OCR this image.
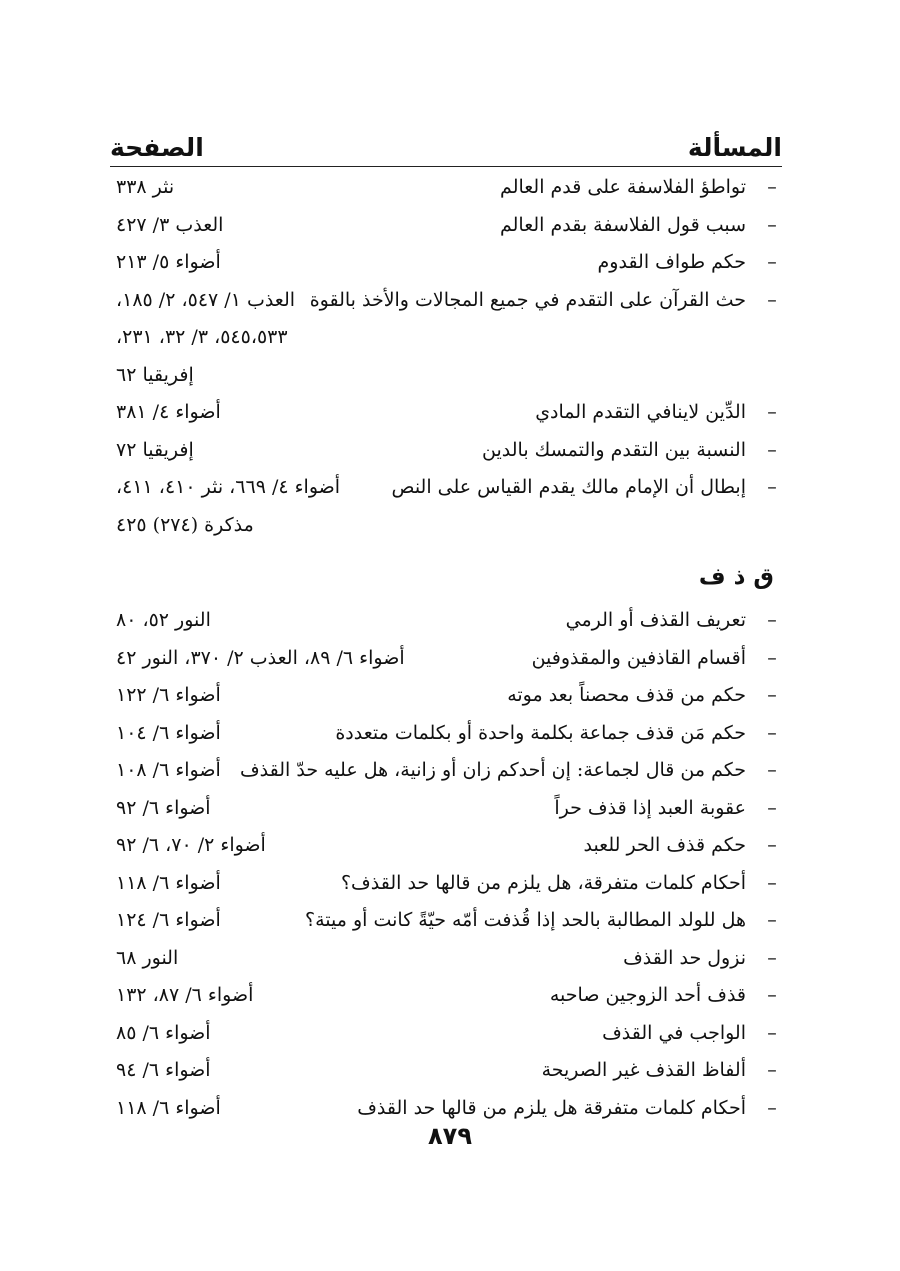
المسألة
الصفحة
–
تواطؤ الفلاسفة على قدم العالم
نثر ٣٣٨
–
سبب قول الفلاسفة بقدم العالم
العذب ٣/ ٤٢٧
–
حكم طواف القدوم
أضواء ٥/ ٢١٣
–
حث القرآن على التقدم في جميع المجالات والأخذ بالقوة
العذب ١/ ٥٤٧، ٢/ ١٨٥،
٥٤٥،٥٣٣، ٣/ ٣٢، ٢٣١،
إفريقيا ٦٢
–
الدِّين لاينافي التقدم المادي
أضواء ٤/ ٣٨١
–
النسبة بين التقدم والتمسك بالدين
إفريقيا ٧٢
–
إبطال أن الإمام مالك يقدم القياس على النص
أضواء ٤/ ٦٦٩، نثر ٤١٠، ٤١١،
مذكرة (٢٧٤) ٤٢٥
ق ذ ف
–
تعريف القذف أو الرمي
النور ٥٢، ٨٠
–
أقسام القاذفين والمقذوفين
أضواء ٦/ ٨٩، العذب ٢/ ٣٧٠، النور ٤٢
–
حكم من قذف محصناً بعد موته
أضواء ٦/ ١٢٢
–
حكم مَن قذف جماعة بكلمة واحدة أو بكلمات متعددة
أضواء ٦/ ١٠٤
–
حكم من قال لجماعة: إن أحدكم زان أو زانية، هل عليه حدّ القذف
أضواء ٦/ ١٠٨
–
عقوبة العبد إذا قذف حراً
أضواء ٦/ ٩٢
–
حكم قذف الحر للعبد
أضواء ٢/ ٧٠، ٦/ ٩٢
–
أحكام كلمات متفرقة، هل يلزم من قالها حد القذف؟
أضواء ٦/ ١١٨
–
هل للولد المطالبة بالحد إذا قُذفت أمّه حيّةً كانت أو ميتة؟
أضواء ٦/ ١٢٤
–
نزول حد القذف
النور ٦٨
–
قذف أحد الزوجين صاحبه
أضواء ٦/ ٨٧، ١٣٢
–
الواجب في القذف
أضواء ٦/ ٨٥
–
ألفاظ القذف غير الصريحة
أضواء ٦/ ٩٤
–
أحكام كلمات متفرقة هل يلزم من قالها حد القذف
أضواء ٦/ ١١٨
٨٧٩
